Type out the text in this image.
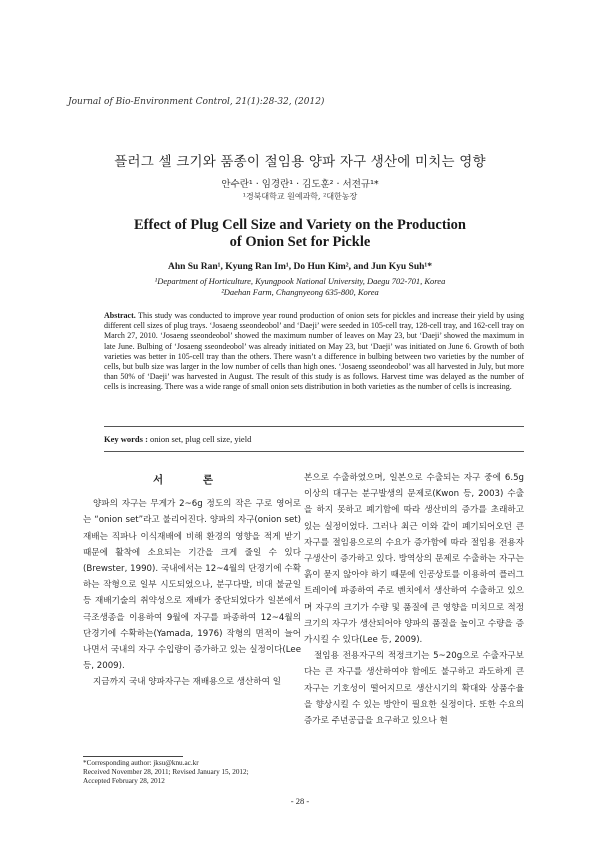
Journal of Bio-Environment Control, 21(1):28-32, (2012)
플러그 셀 크기와 품종이 절임용 양파 자구 생산에 미치는 영향
안수란¹ · 임경란¹ · 김도훈² · 서전규¹*
¹경북대학교 원예과학, ²대한농장
Effect of Plug Cell Size and Variety on the Production
of Onion Set for Pickle
Ahn Su Ran¹, Kyung Ran Im¹, Do Hun Kim², and Jun Kyu Suh¹*
¹Department of Horticulture, Kyungpook National University, Daegu 702-701, Korea
²Daehan Farm, Changnyeong 635-800, Korea
Abstract. This study was conducted to improve year round production of onion sets for pickles and increase their yield by using different cell sizes of plug trays. ‘Josaeng sseondeobol’ and ‘Daeji’ were seeded in 105-cell tray, 128-cell tray, and 162-cell tray on March 27, 2010. ‘Josaeng sseondeobol’ showed the maximum number of leaves on May 23, but ‘Daeji’ showed the maximum in late June. Bulbing of ‘Josaeng sseondeobol’ was already initiated on May 23, but ‘Daeji’ was initiated on June 6. Growth of both varieties was better in 105-cell tray than the others. There wasn’t a difference in bulbing between two varieties by the number of cells, but bulb size was larger in the low number of cells than high ones. ‘Josaeng sseondeobol’ was all harvested in July, but more than 50% of ‘Daeji’ was harvested in August. The result of this study is as follows. Harvest time was delayed as the number of cells is increasing. There was a wide range of small onion sets distribution in both varieties as the number of cells is increasing.
Key words : onion set, plug cell size, yield
서 론

양파의 자구는 무게가 2~6g 정도의 작은 구로 영어로는 “onion set”라고 불리어진다. 양파의 자구(onion set)재배는 직파나 이식재배에 비해 환경의 영향을 적게 받기 때문에 활착에 소요되는 기간을 크게 줄일 수 있다(Brewster, 1990). 국내에서는 12~4월의 단경기에 수확하는 작형으로 일부 시도되었으나, 분구다발, 비대 불균일 등 재배기술의 취약성으로 재배가 중단되었다가 일본에서 극조생종을 이용하여 9월에 자구를 파종하여 12~4월의 단경기에 수확하는(Yamada, 1976) 작형의 면적이 늘어나면서 국내의 자구 수입량이 증가하고 있는 실정이다(Lee 등, 2009).

지금까지 국내 양파자구는 재배용으로 생산하여 일

본으로 수출하였으며, 일본으로 수출되는 자구 중에 6.5g 이상의 대구는 분구발생의 문제로(Kwon 등, 2003) 수출을 하지 못하고 폐기함에 따라 생산비의 증가를 초래하고 있는 실정이었다. 그러나 최근 이와 같이 폐기되어오던 큰 자구를 절임용으로의 수요가 증가함에 따라 절임용 전용자구생산이 증가하고 있다. 방역상의 문제로 수출하는 자구는 흙이 묻지 않아야 하기 때문에 인공상토를 이용하여 플러그트레이에 파종하여 주로 벤치에서 생산하여 수출하고 있으며 자구의 크기가 수량 및 품질에 큰 영향을 미치므로 적정 크기의 자구가 생산되어야 양파의 품질을 높이고 수량을 증가시킬 수 있다(Lee 등, 2009).

절임용 전용자구의 적정크기는 5~20g으로 수출자구보다는 큰 자구를 생산하여야 함에도 불구하고 과도하게 큰 자구는 기호성이 떨어지므로 생산시기의 확대와 상품수율을 향상시킬 수 있는 방안이 필요한 실정이다. 또한 수요의 증가로 주년공급을 요구하고 있으나 현

*Corresponding author: jksu@knu.ac.kr
Received November 28, 2011; Revised January 15, 2012;
Accepted February 28, 2012
- 28 -
